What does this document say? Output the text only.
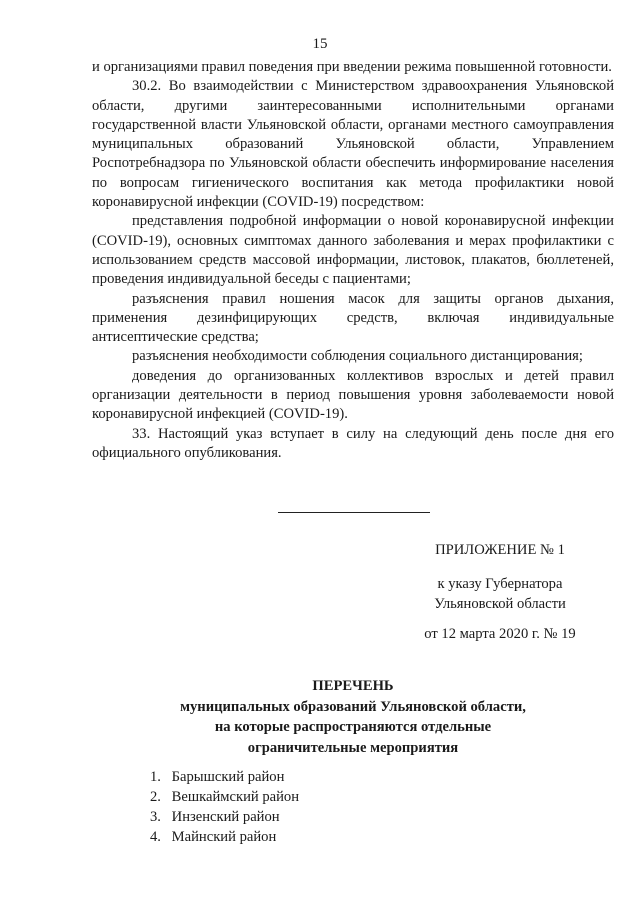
15

и организациями правил поведения при введении режима повышенной готовности.

30.2. Во взаимодействии с Министерством здравоохранения Ульяновской области, другими заинтересованными исполнительными органами государственной власти Ульяновской области, органами местного самоуправления муниципальных образований Ульяновской области, Управлением Роспотребнадзора по Ульяновской области обеспечить информирование населения по вопросам гигиенического воспитания как метода профилактики новой коронавирусной инфекции (COVID-19) посредством:

представления подробной информации о новой коронавирусной инфекции (COVID-19), основных симптомах данного заболевания и мерах профилактики с использованием средств массовой информации, листовок, плакатов, бюллетеней, проведения индивидуальной беседы с пациентами;

разъяснения правил ношения масок для защиты органов дыхания, применения дезинфицирующих средств, включая индивидуальные антисептические средства;

разъяснения необходимости соблюдения социального дистанцирования;

доведения до организованных коллективов взрослых и детей правил организации деятельности в период повышения уровня заболеваемости новой коронавирусной инфекцией (COVID-19).

33. Настоящий указ вступает в силу на следующий день после дня его официального опубликования.

ПРИЛОЖЕНИЕ № 1
к указу Губернатора
Ульяновской области
от 12 марта 2020 г. № 19
ПЕРЕЧЕНЬ
муниципальных образований Ульяновской области,
на которые распространяются отдельные
ограничительные мероприятия
1. Барышский район
2. Вешкаймский район
3. Инзенский район
4. Майнский район
